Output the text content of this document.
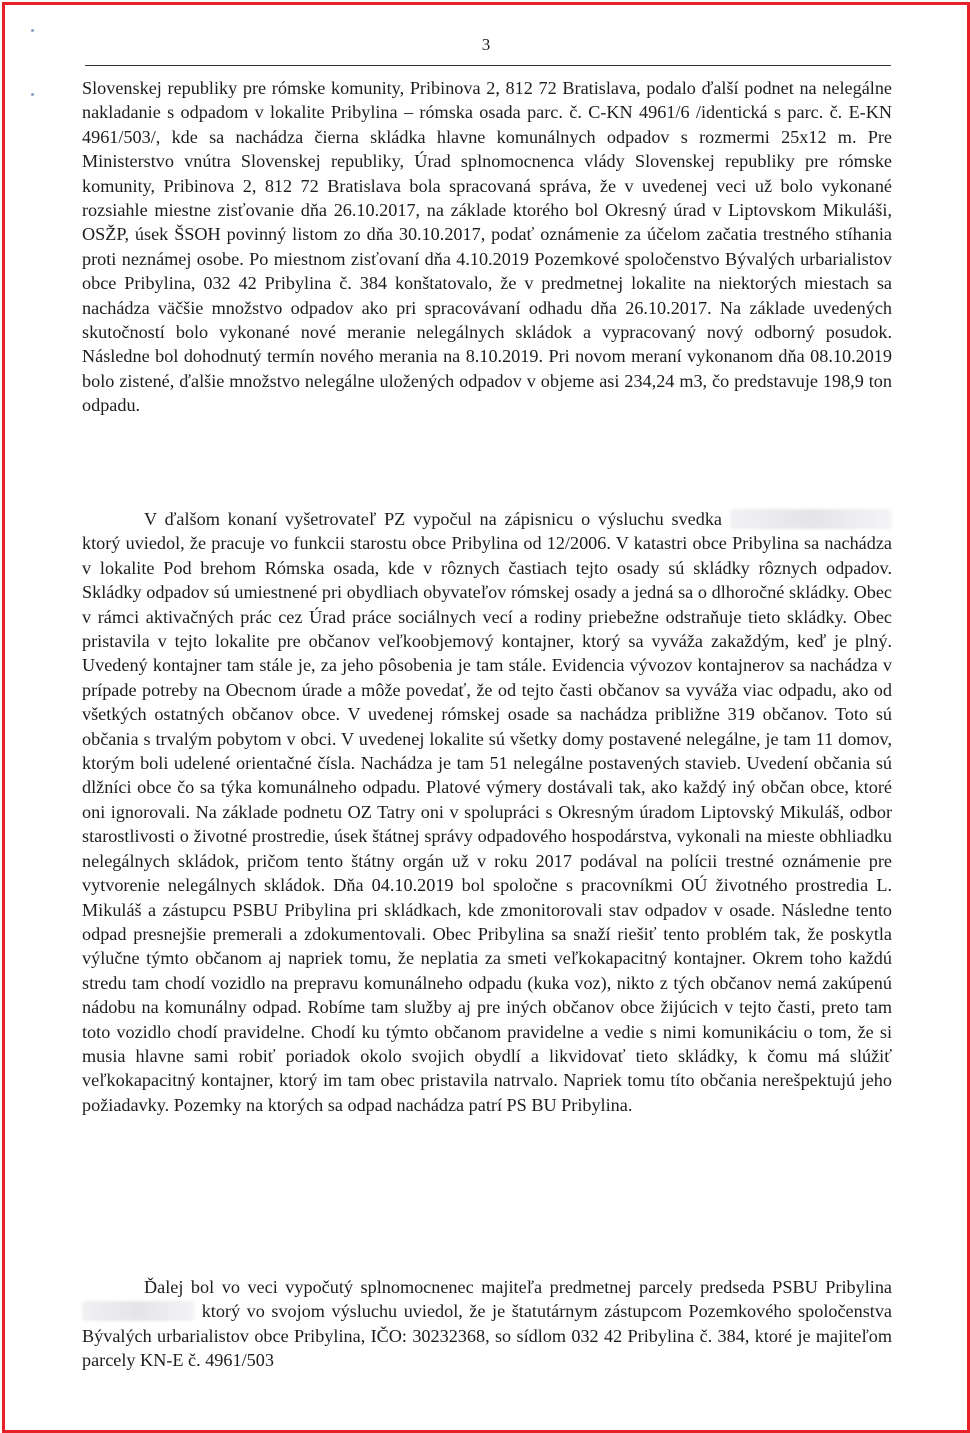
3

Slovenskej republiky pre rómske komunity, Pribinova 2, 812 72 Bratislava, podalo ďalší podnet na nelegálne nakladanie s odpadom v lokalite Pribylina – rómska osada parc. č. C-KN 4961/6 /identická s parc. č. E-KN 4961/503/, kde sa nachádza čierna skládka hlavne komunálnych odpadov s rozmermi 25x12 m. Pre Ministerstvo vnútra Slovenskej republiky, Úrad splnomocnenca vlády Slovenskej republiky pre rómske komunity, Pribinova 2, 812 72 Bratislava bola spracovaná správa, že v uvedenej veci už bolo vykonané rozsiahle miestne zisťovanie dňa 26.10.2017, na základe ktorého bol Okresný úrad v Liptovskom Mikuláši, OSŽP, úsek ŠSOH povinný listom zo dňa 30.10.2017, podať oznámenie za účelom začatia trestného stíhania proti neznámej osobe. Po miestnom zisťovaní dňa 4.10.2019 Pozemkové spoločenstvo Bývalých urbarialistov obce Pribylina, 032 42 Pribylina č. 384 konštatovalo, že v predmetnej lokalite na niektorých miestach sa nachádza väčšie množstvo odpadov ako pri spracovávaní odhadu dňa 26.10.2017. Na základe uvedených skutočností bolo vykonané nové meranie nelegálnych skládok a vypracovaný nový odborný posudok. Následne bol dohodnutý termín nového merania na 8.10.2019. Pri novom meraní vykonanom dňa 08.10.2019 bolo zistené, ďalšie množstvo nelegálne uložených odpadov v objeme asi 234,24 m3, čo predstavuje 198,9 ton odpadu.

V ďalšom konaní vyšetrovateľ PZ vypočul na zápisnicu o výsluchu svedka ktorý uviedol, že pracuje vo funkcii starostu obce Pribylina od 12/2006. V katastri obce Pribylina sa nachádza v lokalite Pod brehom Rómska osada, kde v rôznych častiach tejto osady sú skládky rôznych odpadov. Skládky odpadov sú umiestnené pri obydliach obyvateľov rómskej osady a jedná sa o dlhoročné skládky. Obec v rámci aktivačných prác cez Úrad práce sociálnych vecí a rodiny priebežne odstraňuje tieto skládky. Obec pristavila v tejto lokalite pre občanov veľkoobjemový kontajner, ktorý sa vyváža zakaždým, keď je plný. Uvedený kontajner tam stále je, za jeho pôsobenia je tam stále. Evidencia vývozov kontajnerov sa nachádza v prípade potreby na Obecnom úrade a môže povedať, že od tejto časti občanov sa vyváža viac odpadu, ako od všetkých ostatných občanov obce. V uvedenej rómskej osade sa nachádza približne 319 občanov. Toto sú občania s trvalým pobytom v obci. V uvedenej lokalite sú všetky domy postavené nelegálne, je tam 11 domov, ktorým boli udelené orientačné čísla. Nachádza je tam 51 nelegálne postavených stavieb. Uvedení občania sú dlžníci obce čo sa týka komunálneho odpadu. Platové výmery dostávali tak, ako každý iný občan obce, ktoré oni ignorovali. Na základe podnetu OZ Tatry oni v spolupráci s Okresným úradom Liptovský Mikuláš, odbor starostlivosti o životné prostredie, úsek štátnej správy odpadového hospodárstva, vykonali na mieste obhliadku nelegálnych skládok, pričom tento štátny orgán už v roku 2017 podával na polícii trestné oznámenie pre vytvorenie nelegálnych skládok. Dňa 04.10.2019 bol spoločne s pracovníkmi OÚ životného prostredia L. Mikuláš a zástupcu PSBU Pribylina pri skládkach, kde zmonitorovali stav odpadov v osade. Následne tento odpad presnejšie premerali a zdokumentovali. Obec Pribylina sa snaží riešiť tento problém tak, že poskytla výlučne týmto občanom aj napriek tomu, že neplatia za smeti veľkokapacitný kontajner. Okrem toho každú stredu tam chodí vozidlo na prepravu komunálneho odpadu (kuka voz), nikto z tých občanov nemá zakúpenú nádobu na komunálny odpad. Robíme tam služby aj pre iných občanov obce žijúcich v tejto časti, preto tam toto vozidlo chodí pravidelne. Chodí ku týmto občanom pravidelne a vedie s nimi komunikáciu o tom, že si musia hlavne sami robiť poriadok okolo svojich obydlí a likvidovať tieto skládky, k čomu má slúžiť veľkokapacitný kontajner, ktorý im tam obec pristavila natrvalo. Napriek tomu títo občania nerešpektujú jeho požiadavky. Pozemky na ktorých sa odpad nachádza patrí PS BU Pribylina.

Ďalej bol vo veci vypočutý splnomocnenec majiteľa predmetnej parcely predseda PSBU Pribylina ktorý vo svojom výsluchu uviedol, že je štatutárnym zástupcom Pozemkového spoločenstva Bývalých urbarialistov obce Pribylina, IČO: 30232368, so sídlom 032 42 Pribylina č. 384, ktoré je majiteľom parcely KN-E č. 4961/503
